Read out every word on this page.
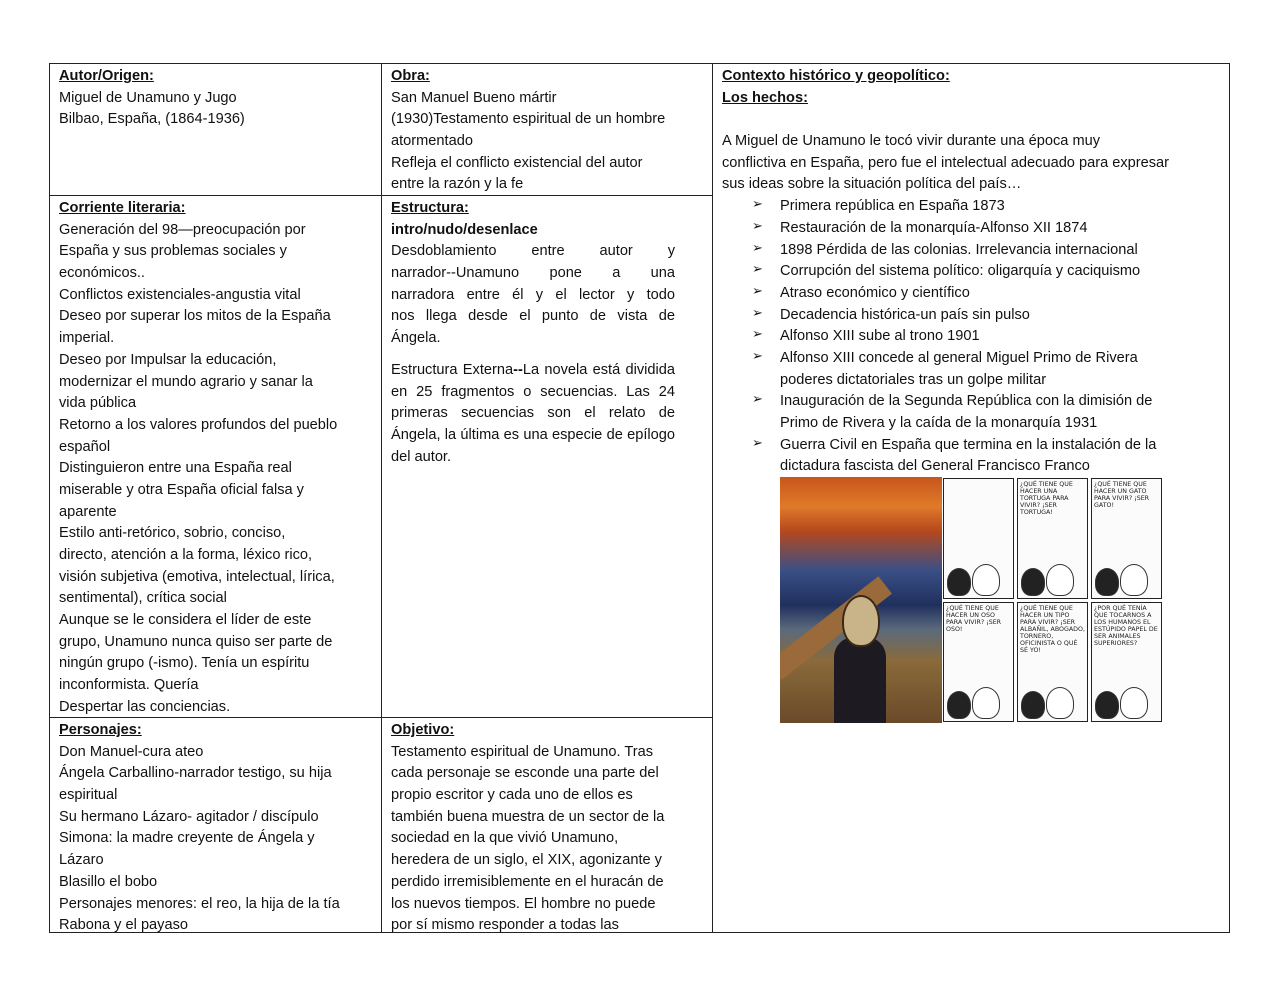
Autor/Origen:
Miguel de Unamuno y Jugo
Bilbao, España, (1864-1936)
Obra:
San Manuel Bueno mártir
(1930)Testamento espiritual de un hombre
atormentado
Refleja el conflicto existencial del autor
entre la razón y la fe
Corriente literaria:
Generación del 98—preocupación por
España y sus problemas sociales y
económicos..
Conflictos existenciales-angustia vital
Deseo por superar los mitos de la España
imperial.
Deseo por Impulsar la educación,
modernizar el mundo agrario y sanar la
vida pública
Retorno a los valores profundos del pueblo
español
Distinguieron entre una España real
miserable y otra España oficial falsa y
aparente
Estilo anti-retórico, sobrio, conciso,
directo, atención a la forma, léxico rico,
visión subjetiva (emotiva, intelectual, lírica,
sentimental), crítica social
Aunque se le considera el líder de este
grupo, Unamuno nunca quiso ser parte de
ningún grupo (-ismo). Tenía un espíritu
inconformista. Quería
Despertar las conciencias.
Estructura:
intro/nudo/desenlace
Desdoblamiento entre autor y
narrador--Unamuno pone a una
narradora entre él y el lector y todo
nos llega desde el punto de vista de
Ángela.
Estructura Externa--La novela está dividida
en 25 fragmentos o secuencias. Las 24
primeras secuencias son el relato de
Ángela, la última es una especie de epílogo
del autor.
Personajes:
Don Manuel-cura ateo
Ángela Carballino-narrador testigo, su hija
espiritual
Su hermano Lázaro- agitador / discípulo
Simona: la madre creyente de Ángela y
Lázaro
Blasillo el bobo
Personajes menores: el reo, la hija de la tía
Rabona y el payaso
Objetivo:
Testamento espiritual de Unamuno. Tras
cada personaje se esconde una parte del
propio escritor y cada uno de ellos es
también buena muestra de un sector de la
sociedad en la que vivió Unamuno,
heredera de un siglo, el XIX, agonizante y
perdido irremisiblemente en el huracán de
los nuevos tiempos. El hombre no puede
por sí mismo responder a todas las
Contexto histórico y geopolítico:
Los hechos:
A Miguel de Unamuno le tocó vivir durante una época muy
conflictiva en España, pero fue el intelectual adecuado para expresar
sus ideas sobre la situación política del país…
➢ Primera república en España 1873
➢ Restauración de la monarquía-Alfonso XII 1874
➢ 1898 Pérdida de las colonias. Irrelevancia internacional
➢ Corrupción del sistema político: oligarquía y caciquismo
➢ Atraso económico y científico
➢ Decadencia histórica-un país sin pulso
➢ Alfonso XIII sube al trono 1901
➢ Alfonso XIII concede al general Miguel Primo de Rivera
poderes dictatoriales tras un golpe militar
➢ Inauguración de la Segunda República con la dimisión de
Primo de Rivera y la caída de la monarquía 1931
➢ Guerra Civil en España que termina en la instalación de la
dictadura fascista del General Francisco Franco
¿QUÉ TIENE QUE HACER UNA TORTUGA PARA VIVIR? ¡SER TORTUGA!
¿QUÉ TIENE QUE HACER UN GATO PARA VIVIR? ¡SER GATO!
¿QUÉ TIENE QUE HACER UN OSO PARA VIVIR? ¡SER OSO!
¿QUÉ TIENE QUE HACER UN TIPO PARA VIVIR? ¡SER ALBAÑIL, ABOGADO, TORNERO, OFICINISTA O QUÉ SÉ YO!
¿POR QUÉ TENÍA QUE TOCARNOS A LOS HUMANOS EL ESTÚPIDO PAPEL DE SER ANIMALES SUPERIORES?
